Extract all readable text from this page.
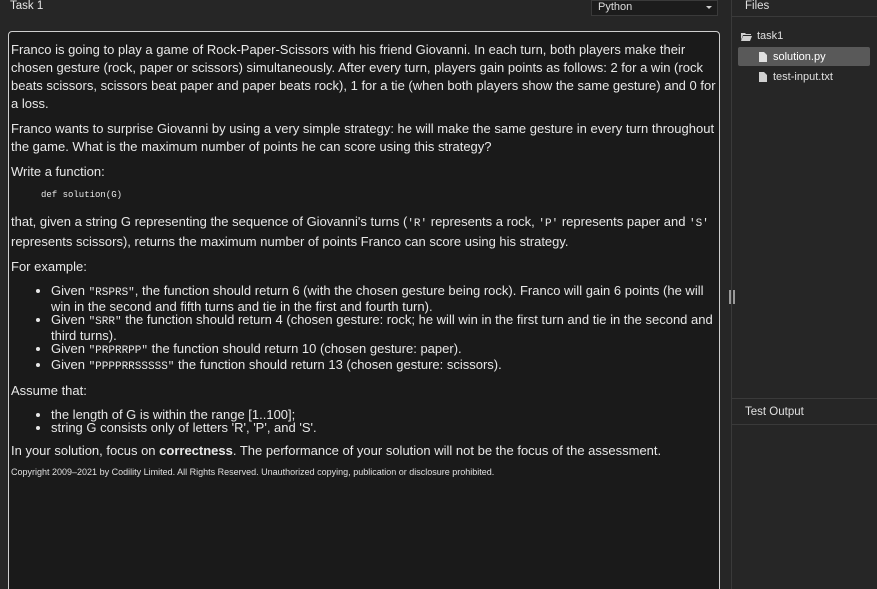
Task 1	Python

Franco is going to play a game of Rock-Paper-Scissors with his friend Giovanni. In each turn, both players make their chosen gesture (rock, paper or scissors) simultaneously. After every turn, players gain points as follows: 2 for a win (rock beats scissors, scissors beat paper and paper beats rock), 1 for a tie (when both players show the same gesture) and 0 for a loss.

Franco wants to surprise Giovanni by using a very simple strategy: he will make the same gesture in every turn throughout the game. What is the maximum number of points he can score using this strategy?

Write a function:

def solution(G)

that, given a string G representing the sequence of Giovanni's turns ('R' represents a rock, 'P' represents paper and 'S' represents scissors), returns the maximum number of points Franco can score using his strategy.

For example:

• Given "RSPRS", the function should return 6 (with the chosen gesture being rock). Franco will gain 6 points (he will win in the second and fifth turns and tie in the first and fourth turn).
• Given "SRR" the function should return 4 (chosen gesture: rock; he will win in the first turn and tie in the second and third turns).
• Given "PRPRRPP" the function should return 10 (chosen gesture: paper).
• Given "PPPPRRSSSSS" the function should return 13 (chosen gesture: scissors).

Assume that:

• the length of G is within the range [1..100];
• string G consists only of letters 'R', 'P', and 'S'.

In your solution, focus on correctness. The performance of your solution will not be the focus of the assessment.

Copyright 2009–2021 by Codility Limited. All Rights Reserved. Unauthorized copying, publication or disclosure prohibited.
Files
task1
solution.py
test-input.txt
Test Output
